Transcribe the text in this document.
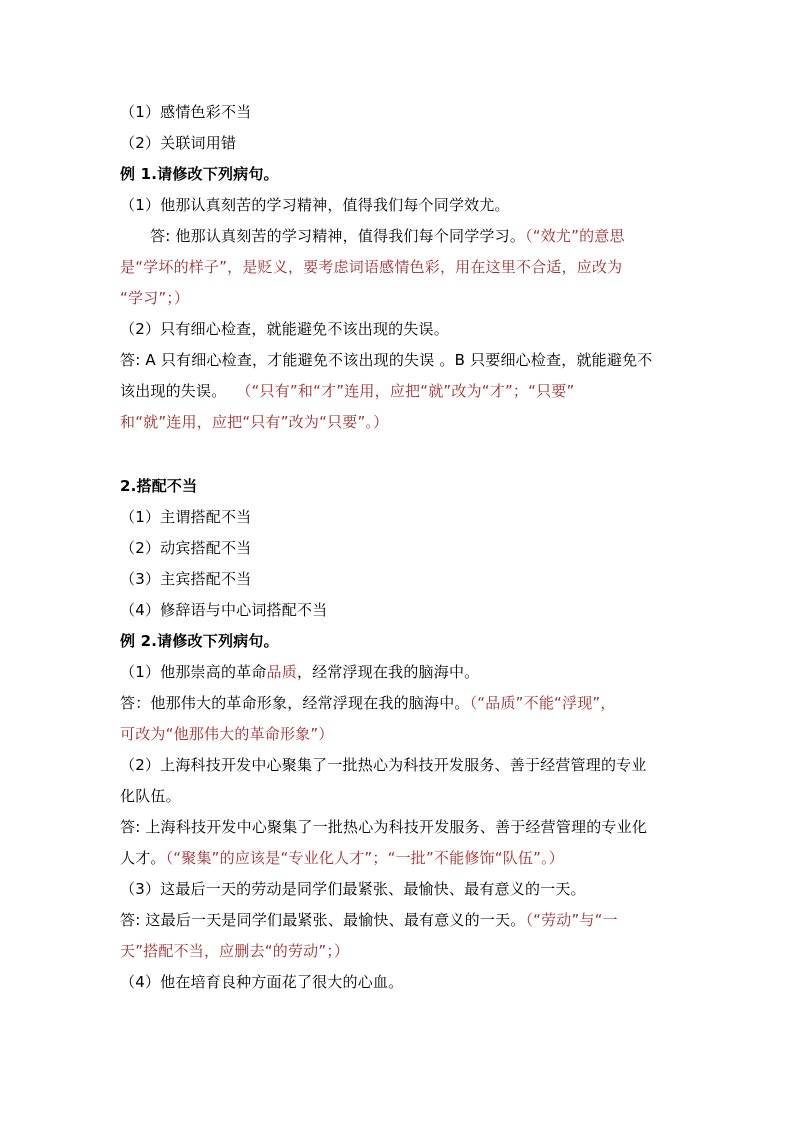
（1）感情色彩不当
（2）关联词用错
例 1.请修改下列病句。
（1）他那认真刻苦的学习精神，值得我们每个同学效尤。
答: 他那认真刻苦的学习精神，值得我们每个同学学习。（“效尤”的意思
是“学坏的样子”，是贬义，要考虑词语感情色彩，用在这里不合适，应改为
“学习”；）
（2）只有细心检查，就能避免不该出现的失误。
答: A 只有细心检查，才能避免不该出现的失误 。B 只要细心检查，就能避免不
该出现的失误。 （“只有”和“才”连用，应把“就”改为“才”；“只要”
和“就”连用，应把“只有”改为“只要”。）
2.搭配不当
（1）主谓搭配不当
（2）动宾搭配不当
（3）主宾搭配不当
（4）修辞语与中心词搭配不当
例 2.请修改下列病句。
（1）他那崇高的革命品质，经常浮现在我的脑海中。
答：他那伟大的革命形象，经常浮现在我的脑海中。（“品质”不能“浮现”，
可改为“他那伟大的革命形象”）
（2）上海科技开发中心聚集了一批热心为科技开发服务、善于经营管理的专业
化队伍。
答: 上海科技开发中心聚集了一批热心为科技开发服务、善于经营管理的专业化
人才。（“聚集”的应该是“专业化人才”；“一批”不能修饰“队伍”。）
（3）这最后一天的劳动是同学们最紧张、最愉快、最有意义的一天。
答: 这最后一天是同学们最紧张、最愉快、最有意义的一天。（“劳动”与“一
天”搭配不当，应删去“的劳动”；）
（4）他在培育良种方面花了很大的心血。
